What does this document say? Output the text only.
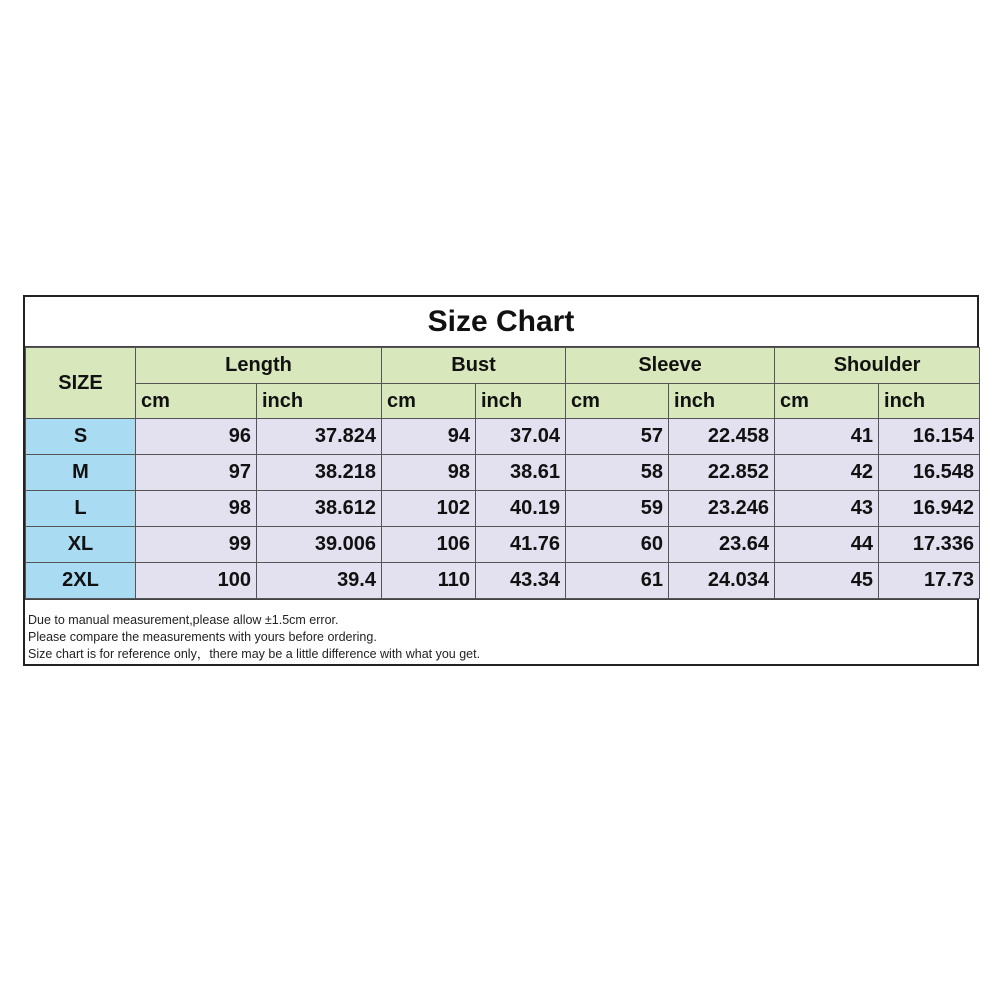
Size Chart
SIZE	Length		Bust		Sleeve		Shoulder	
	cm	inch	cm	inch	cm	inch	cm	inch
S	96	37.824	94	37.04	57	22.458	41	16.154
M	97	38.218	98	38.61	58	22.852	42	16.548
L	98	38.612	102	40.19	59	23.246	43	16.942
XL	99	39.006	106	41.76	60	23.64	44	17.336
2XL	100	39.4	110	43.34	61	24.034	45	17.73
Due to manual measurement,please allow ±1.5cm error.
Please compare the measurements with yours before ordering.
Size chart is for reference only，there may be a little difference with what you get.
